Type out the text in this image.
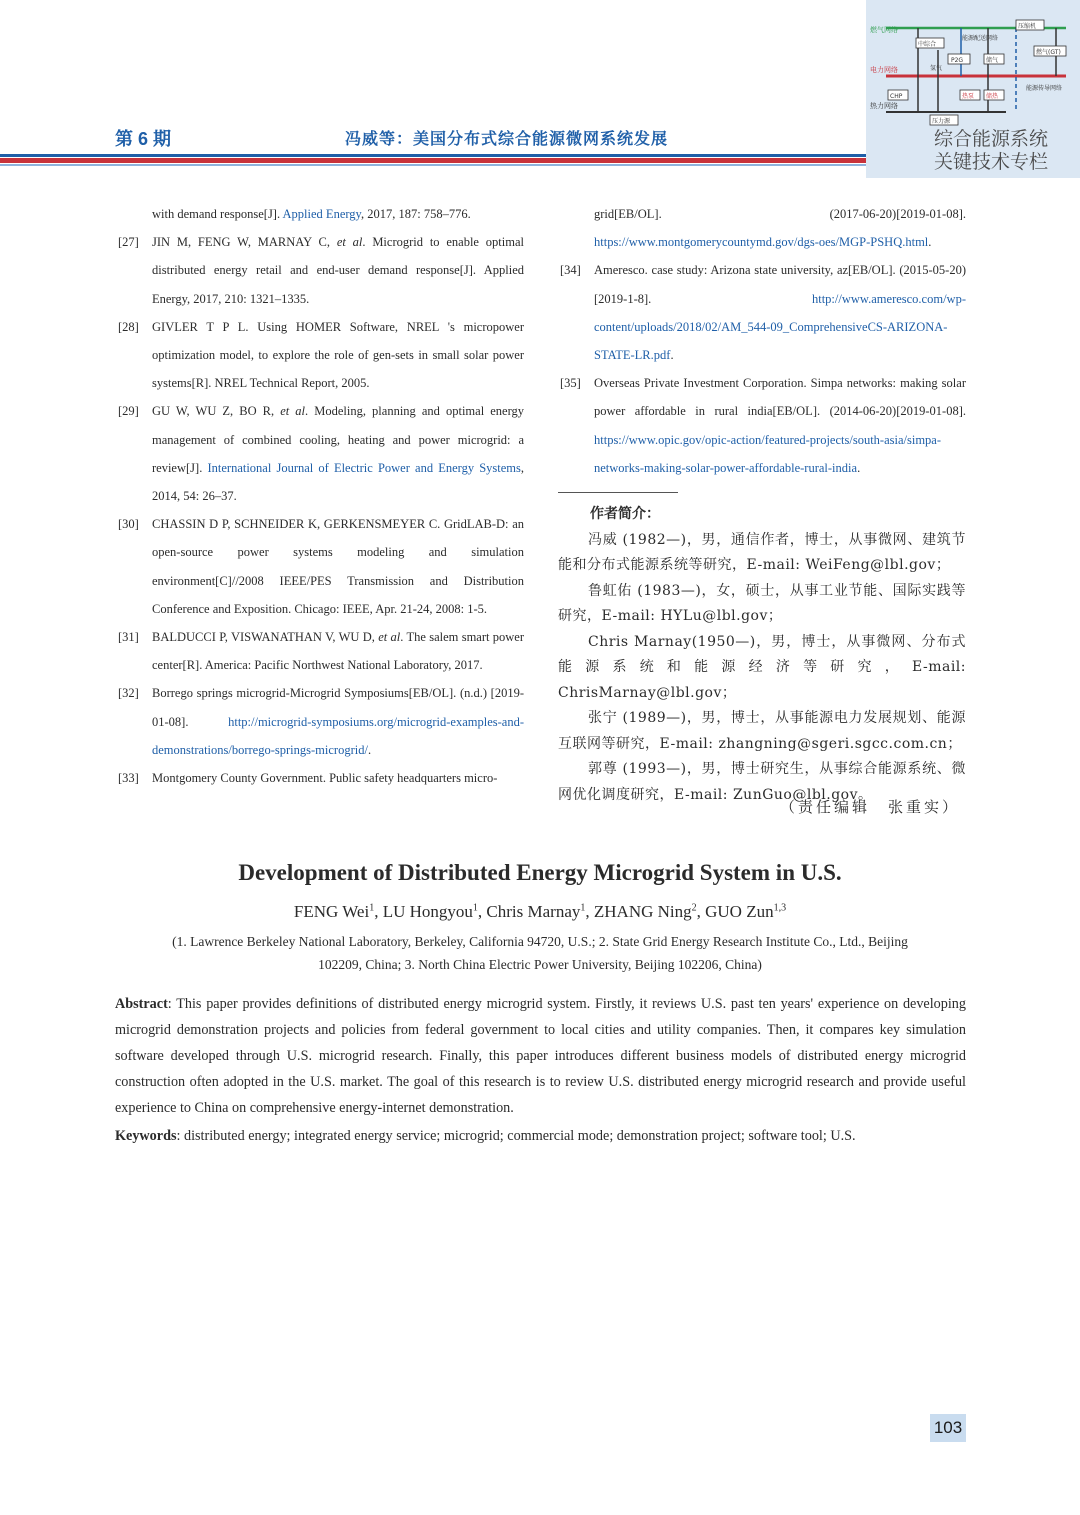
第 6 期	冯威等：美国分布式综合能源微网系统发展
燃气网络
电力网络
热力网络
中综合
能源配送网络
P2G
氢气
储气
CHP	热泵 储热
压力源
压缩机
燃气(GT)
能源传导网络
综合能源系统
关键技术专栏
with demand response[J]. Applied Energy, 2017, 187: 758–776.
[27] JIN M, FENG W, MARNAY C, et al. Microgrid to enable optimal distributed energy retail and end-user demand response[J]. Applied Energy, 2017, 210: 1321–1335.
[28] GIVLER T P L. Using HOMER Software, NREL 's micropower optimization model, to explore the role of gen-sets in small solar power systems[R]. NREL Technical Report, 2005.
[29] GU W, WU Z, BO R, et al. Modeling, planning and optimal energy management of combined cooling, heating and power microgrid: a review[J]. International Journal of Electric Power and Energy Systems, 2014, 54: 26–37.
[30] CHASSIN D P, SCHNEIDER K, GERKENSMEYER C. GridLAB-D: an open-source power systems modeling and simulation environment[C]//2008 IEEE/PES Transmission and Distribution Conference and Exposition. Chicago: IEEE, Apr. 21-24, 2008: 1-5.
[31] BALDUCCI P, VISWANATHAN V, WU D, et al. The salem smart power center[R]. America: Pacific Northwest National Laboratory, 2017.
[32] Borrego springs microgrid-Microgrid Symposiums[EB/OL]. (n.d.) [2019-01-08]. http://microgrid-symposiums.org/microgrid-examples-and-demonstrations/borrego-springs-microgrid/.
[33] Montgomery County Government. Public safety headquarters micro-
grid[EB/OL]. (2017-06-20)[2019-01-08]. https://www.montgomerycountymd.gov/dgs-oes/MGP-PSHQ.html.
[34] Ameresco. case study: Arizona state university, az[EB/OL]. (2015-05-20)[2019-1-8]. http://www.ameresco.com/wp-content/uploads/2018/02/AM_544-09_ComprehensiveCS-ARIZONA-STATE-LR.pdf.
[35] Overseas Private Investment Corporation. Simpa networks: making solar power affordable in rural india[EB/OL]. (2014-06-20)[2019-01-08]. https://www.opic.gov/opic-action/featured-projects/south-asia/simpa-networks-making-solar-power-affordable-rural-india.
作者简介：

冯威 (1982—)，男，通信作者，博士，从事微网、建筑节能和分布式能源系统等研究，E-mail: WeiFeng@lbl.gov；

鲁虹佑 (1983—)，女，硕士，从事工业节能、国际实践等研究，E-mail: HYLu@lbl.gov；

Chris Marnay(1950—)，男，博士，从事微网、分布式能源系统和能源经济等研究，E-mail: ChrisMarnay@lbl.gov；

张宁 (1989—)，男，博士，从事能源电力发展规划、能源互联网等研究，E-mail: zhangning@sgeri.sgcc.com.cn；

郭尊 (1993—)，男，博士研究生，从事综合能源系统、微网优化调度研究，E-mail: ZunGuo@lbl.gov。

（责任编辑　张重实）
Development of Distributed Energy Microgrid System in U.S.
FENG Wei$^1$, LU Hongyou$^1$, Chris Marnay$^1$, ZHANG Ning$^2$, GUO Zun$^{1,3}$
(1. Lawrence Berkeley National Laboratory, Berkeley, California 94720, U.S.; 2. State Grid Energy Research Institute Co., Ltd., Beijing 102209, China; 3. North China Electric Power University, Beijing 102206, China)
Abstract: This paper provides definitions of distributed energy microgrid system. Firstly, it reviews U.S. past ten years' experience on developing microgrid demonstration projects and policies from federal government to local cities and utility companies. Then, it compares key simulation software developed through U.S. microgrid research. Finally, this paper introduces different business models of distributed energy microgrid construction often adopted in the U.S. market. The goal of this research is to review U.S. distributed energy microgrid research and provide useful experience to China on comprehensive energy-internet demonstration.
Keywords: distributed energy; integrated energy service; microgrid; commercial mode; demonstration project; software tool; U.S.
103
